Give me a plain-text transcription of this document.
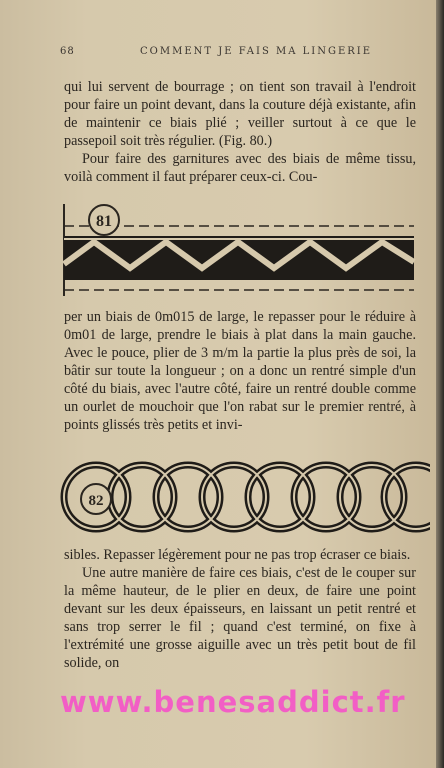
68	COMMENT JE FAIS MA LINGERIE

qui lui servent de bourrage ; on tient son travail à l'endroit pour faire un point devant, dans la couture déjà existante, afin de maintenir ce biais plié ; veiller surtout à ce que le passepoil soit très régulier. (Fig. 80.)

Pour faire des garnitures avec des biais de même tissu, voilà comment il faut préparer ceux-ci. Cou-

81

per un biais de 0m015 de large, le repasser pour le réduire à 0m01 de large, prendre le biais à plat dans la main gauche. Avec le pouce, plier de 3 m/m la partie la plus près de soi, la bâtir sur toute la longueur ; on a donc un rentré simple d'un côté du biais, avec l'autre côté, faire un rentré double comme un ourlet de mouchoir que l'on rabat sur le premier rentré, à points glissés très petits et invi-

82

sibles. Repasser légèrement pour ne pas trop écraser ce biais.

Une autre manière de faire ces biais, c'est de le couper sur la même hauteur, de le plier en deux, de faire une point devant sur les deux épaisseurs, en laissant un petit rentré et sans trop serrer le fil ; quand c'est terminé, on fixe à l'extrémité une grosse aiguille avec un très petit bout de fil solide, on

www.benesaddict.fr
